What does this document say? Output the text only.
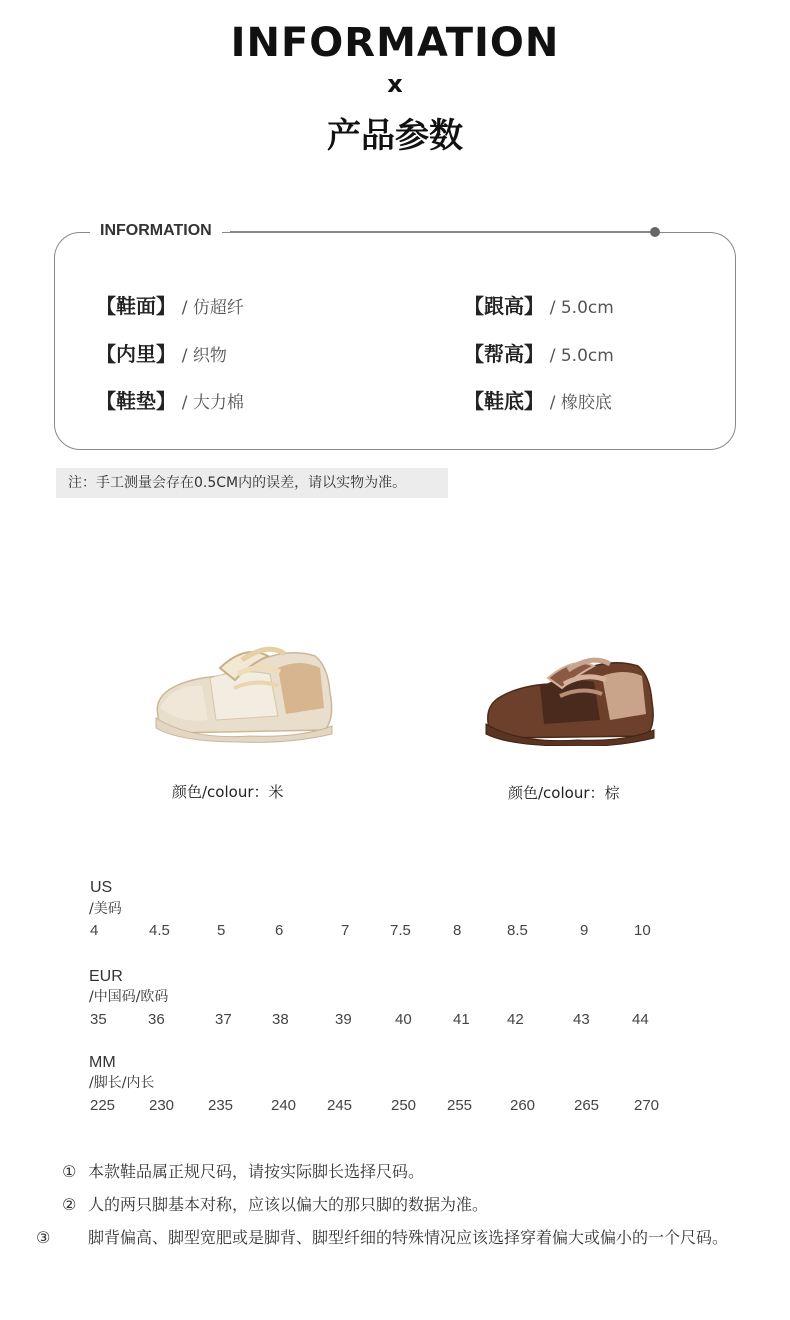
INFORMATION
x
产品参数
INFORMATION
【鞋面】 / 仿超纤	【跟高】 / 5.0cm
【内里】 / 织物	【帮高】 / 5.0cm
【鞋垫】 / 大力棉	【鞋底】 / 橡胶底
注：手工测量会存在0.5CM内的误差，请以实物为准。
颜色/colour：米	颜色/colour：棕
US
/美码
4	4.5	5	6	7	7.5	8	8.5	9	10
EUR
/中国码/欧码
35	36	37	38	39	40	41 42	43	44
MM
/脚长/内长
225 230 235	240 245	250 255	260	265 270
① 本款鞋品属正规尺码，请按实际脚长选择尺码。
② 人的两只脚基本对称，应该以偏大的那只脚的数据为准。
③ 脚背偏高、脚型宽肥或是脚背、脚型纤细的特殊情况应该选择穿着偏大或偏小的一个尺码。
